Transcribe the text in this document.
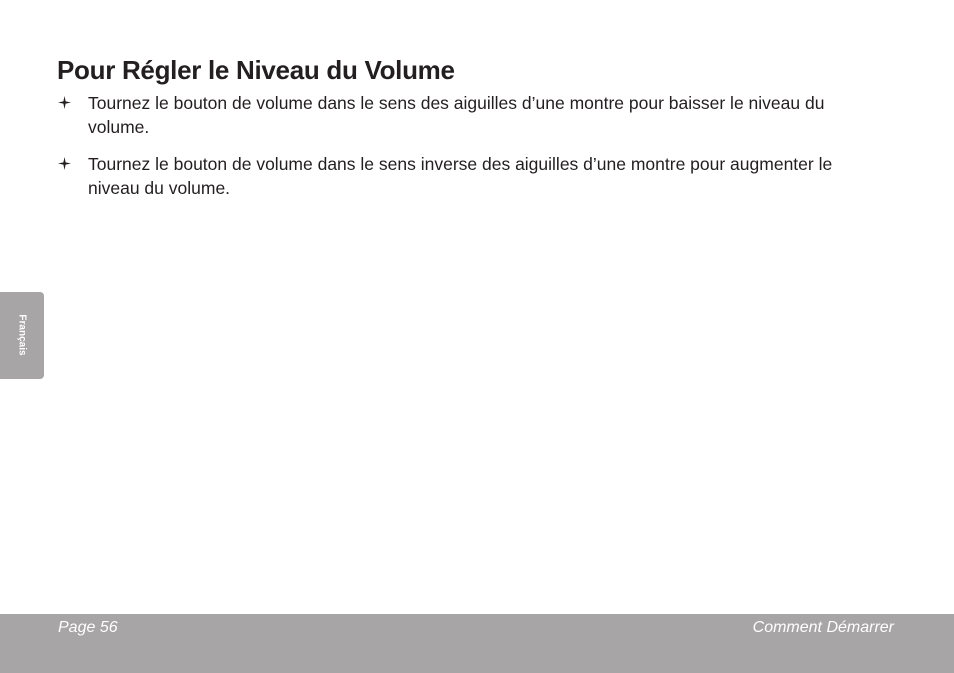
Pour Régler le Niveau du Volume
Tournez le bouton de volume dans le sens des aiguilles d’une montre pour baisser le niveau du volume.
Tournez le bouton de volume dans le sens inverse des aiguilles d’une montre pour augmenter le niveau du volume.
Français
Page 56	Comment Démarrer
